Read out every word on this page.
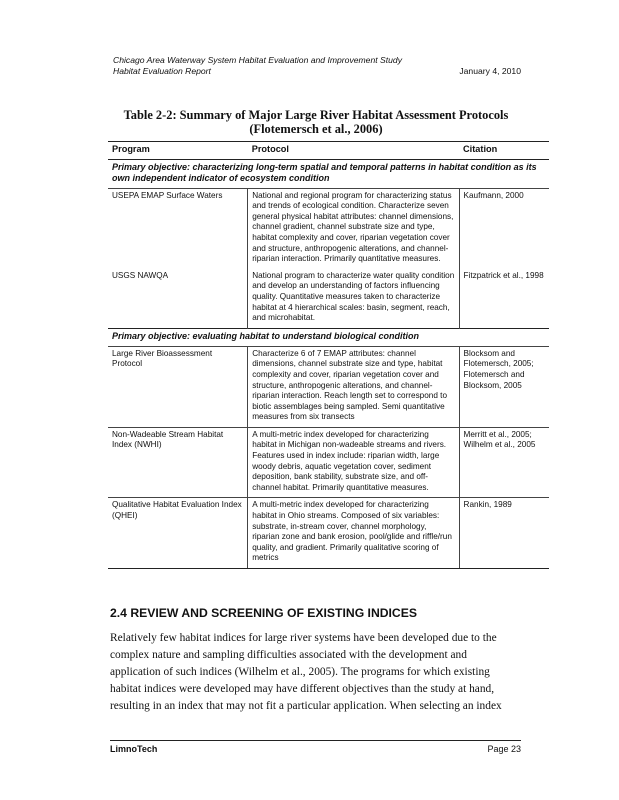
Chicago Area Waterway System Habitat Evaluation and Improvement Study
Habitat Evaluation Report	January 4, 2010
Table 2-2: Summary of Major Large River Habitat Assessment Protocols
(Flotemersch et al., 2006)
Program	Protocol	Citation
Primary objective: characterizing long-term spatial and temporal patterns in habitat condition as its own independent indicator of ecosystem condition		
USEPA EMAP Surface Waters	National and regional program for characterizing status and trends of ecological condition. Characterize seven general physical habitat attributes: channel dimensions, channel gradient, channel substrate size and type, habitat complexity and cover, riparian vegetation cover and structure, anthropogenic alterations, and channel-riparian interaction. Primarily quantitative measures.	Kaufmann, 2000
USGS NAWQA	National program to characterize water quality condition and develop an understanding of factors influencing quality. Quantitative measures taken to characterize habitat at 4 hierarchical scales: basin, segment, reach, and microhabitat.	Fitzpatrick et al., 1998
Primary objective: evaluating habitat to understand biological condition		
Large River Bioassessment Protocol	Characterize 6 of 7 EMAP attributes: channel dimensions, channel substrate size and type, habitat complexity and cover, riparian vegetation cover and structure, anthropogenic alterations, and channel-riparian interaction. Reach length set to correspond to biotic assemblages being sampled. Semi quantitative measures from six transects	Blocksom and Flotemersch, 2005; Flotemersch and Blocksom, 2005
Non-Wadeable Stream Habitat Index (NWHI)	A multi-metric index developed for characterizing habitat in Michigan non-wadeable streams and rivers. Features used in index include: riparian width, large woody debris, aquatic vegetation cover, sediment deposition, bank stability, substrate size, and off-channel habitat. Primarily quantitative measures.	Merritt et al., 2005; Wilhelm et al., 2005
Qualitative Habitat Evaluation Index (QHEI)	A multi-metric index developed for characterizing habitat in Ohio streams. Composed of six variables: substrate, in-stream cover, channel morphology, riparian zone and bank erosion, pool/glide and riffle/run quality, and gradient. Primarily qualitative scoring of metrics	Rankin, 1989
2.4 REVIEW AND SCREENING OF EXISTING INDICES
Relatively few habitat indices for large river systems have been developed due to the
complex nature and sampling difficulties associated with the development and
application of such indices (Wilhelm et al., 2005). The programs for which existing
habitat indices were developed may have different objectives than the study at hand,
resulting in an index that may not fit a particular application. When selecting an index
LimnoTech	Page 23
